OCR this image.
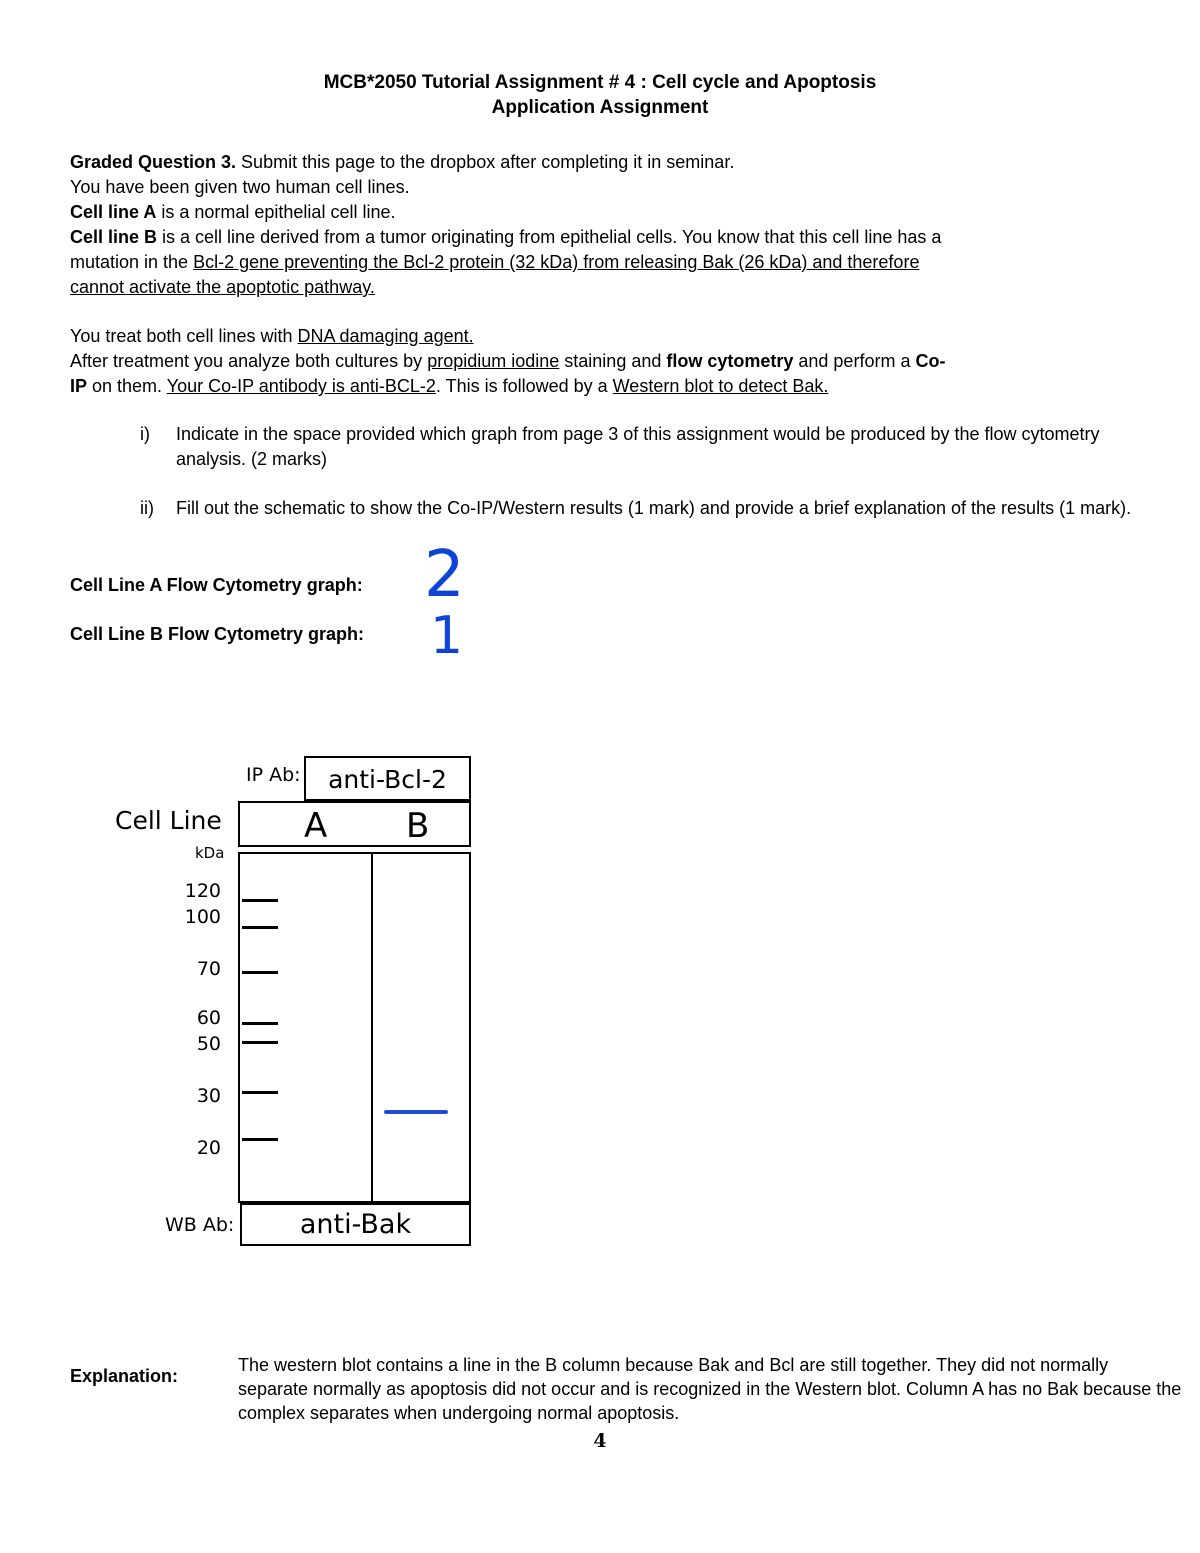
MCB*2050 Tutorial Assignment # 4 : Cell cycle and Apoptosis
Application Assignment
Graded Question 3. Submit this page to the dropbox after completing it in seminar.
You have been given two human cell lines.
Cell line A is a normal epithelial cell line.
Cell line B is a cell line derived from a tumor originating from epithelial cells. You know that this cell line has a
mutation in the Bcl-2 gene preventing the Bcl-2 protein (32 kDa) from releasing Bak (26 kDa) and therefore
cannot activate the apoptotic pathway.
You treat both cell lines with DNA damaging agent.
After treatment you analyze both cultures by propidium iodine staining and flow cytometry and perform a Co-
IP on them. Your Co-IP antibody is anti-BCL-2. This is followed by a Western blot to detect Bak.
i) Indicate in the space provided which graph from page 3 of this assignment would be produced by the flow cytometry analysis. (2 marks)
ii) Fill out the schematic to show the Co-IP/Western results (1 mark) and provide a brief explanation of the results (1 mark).
Cell Line A Flow Cytometry graph: 2
Cell Line B Flow Cytometry graph: 1
IP Ab:	anti-Bcl-2
Cell Line A B
kDa
120
100
70
60
50
30
20
WB Ab:	anti-Bak
Explanation:
The western blot contains a line in the B column because Bak and Bcl are still together. They did not normally separate normally as apoptosis did not occur and is recognized in the Western blot. Column A has no Bak because the complex separates when undergoing normal apoptosis.
4
